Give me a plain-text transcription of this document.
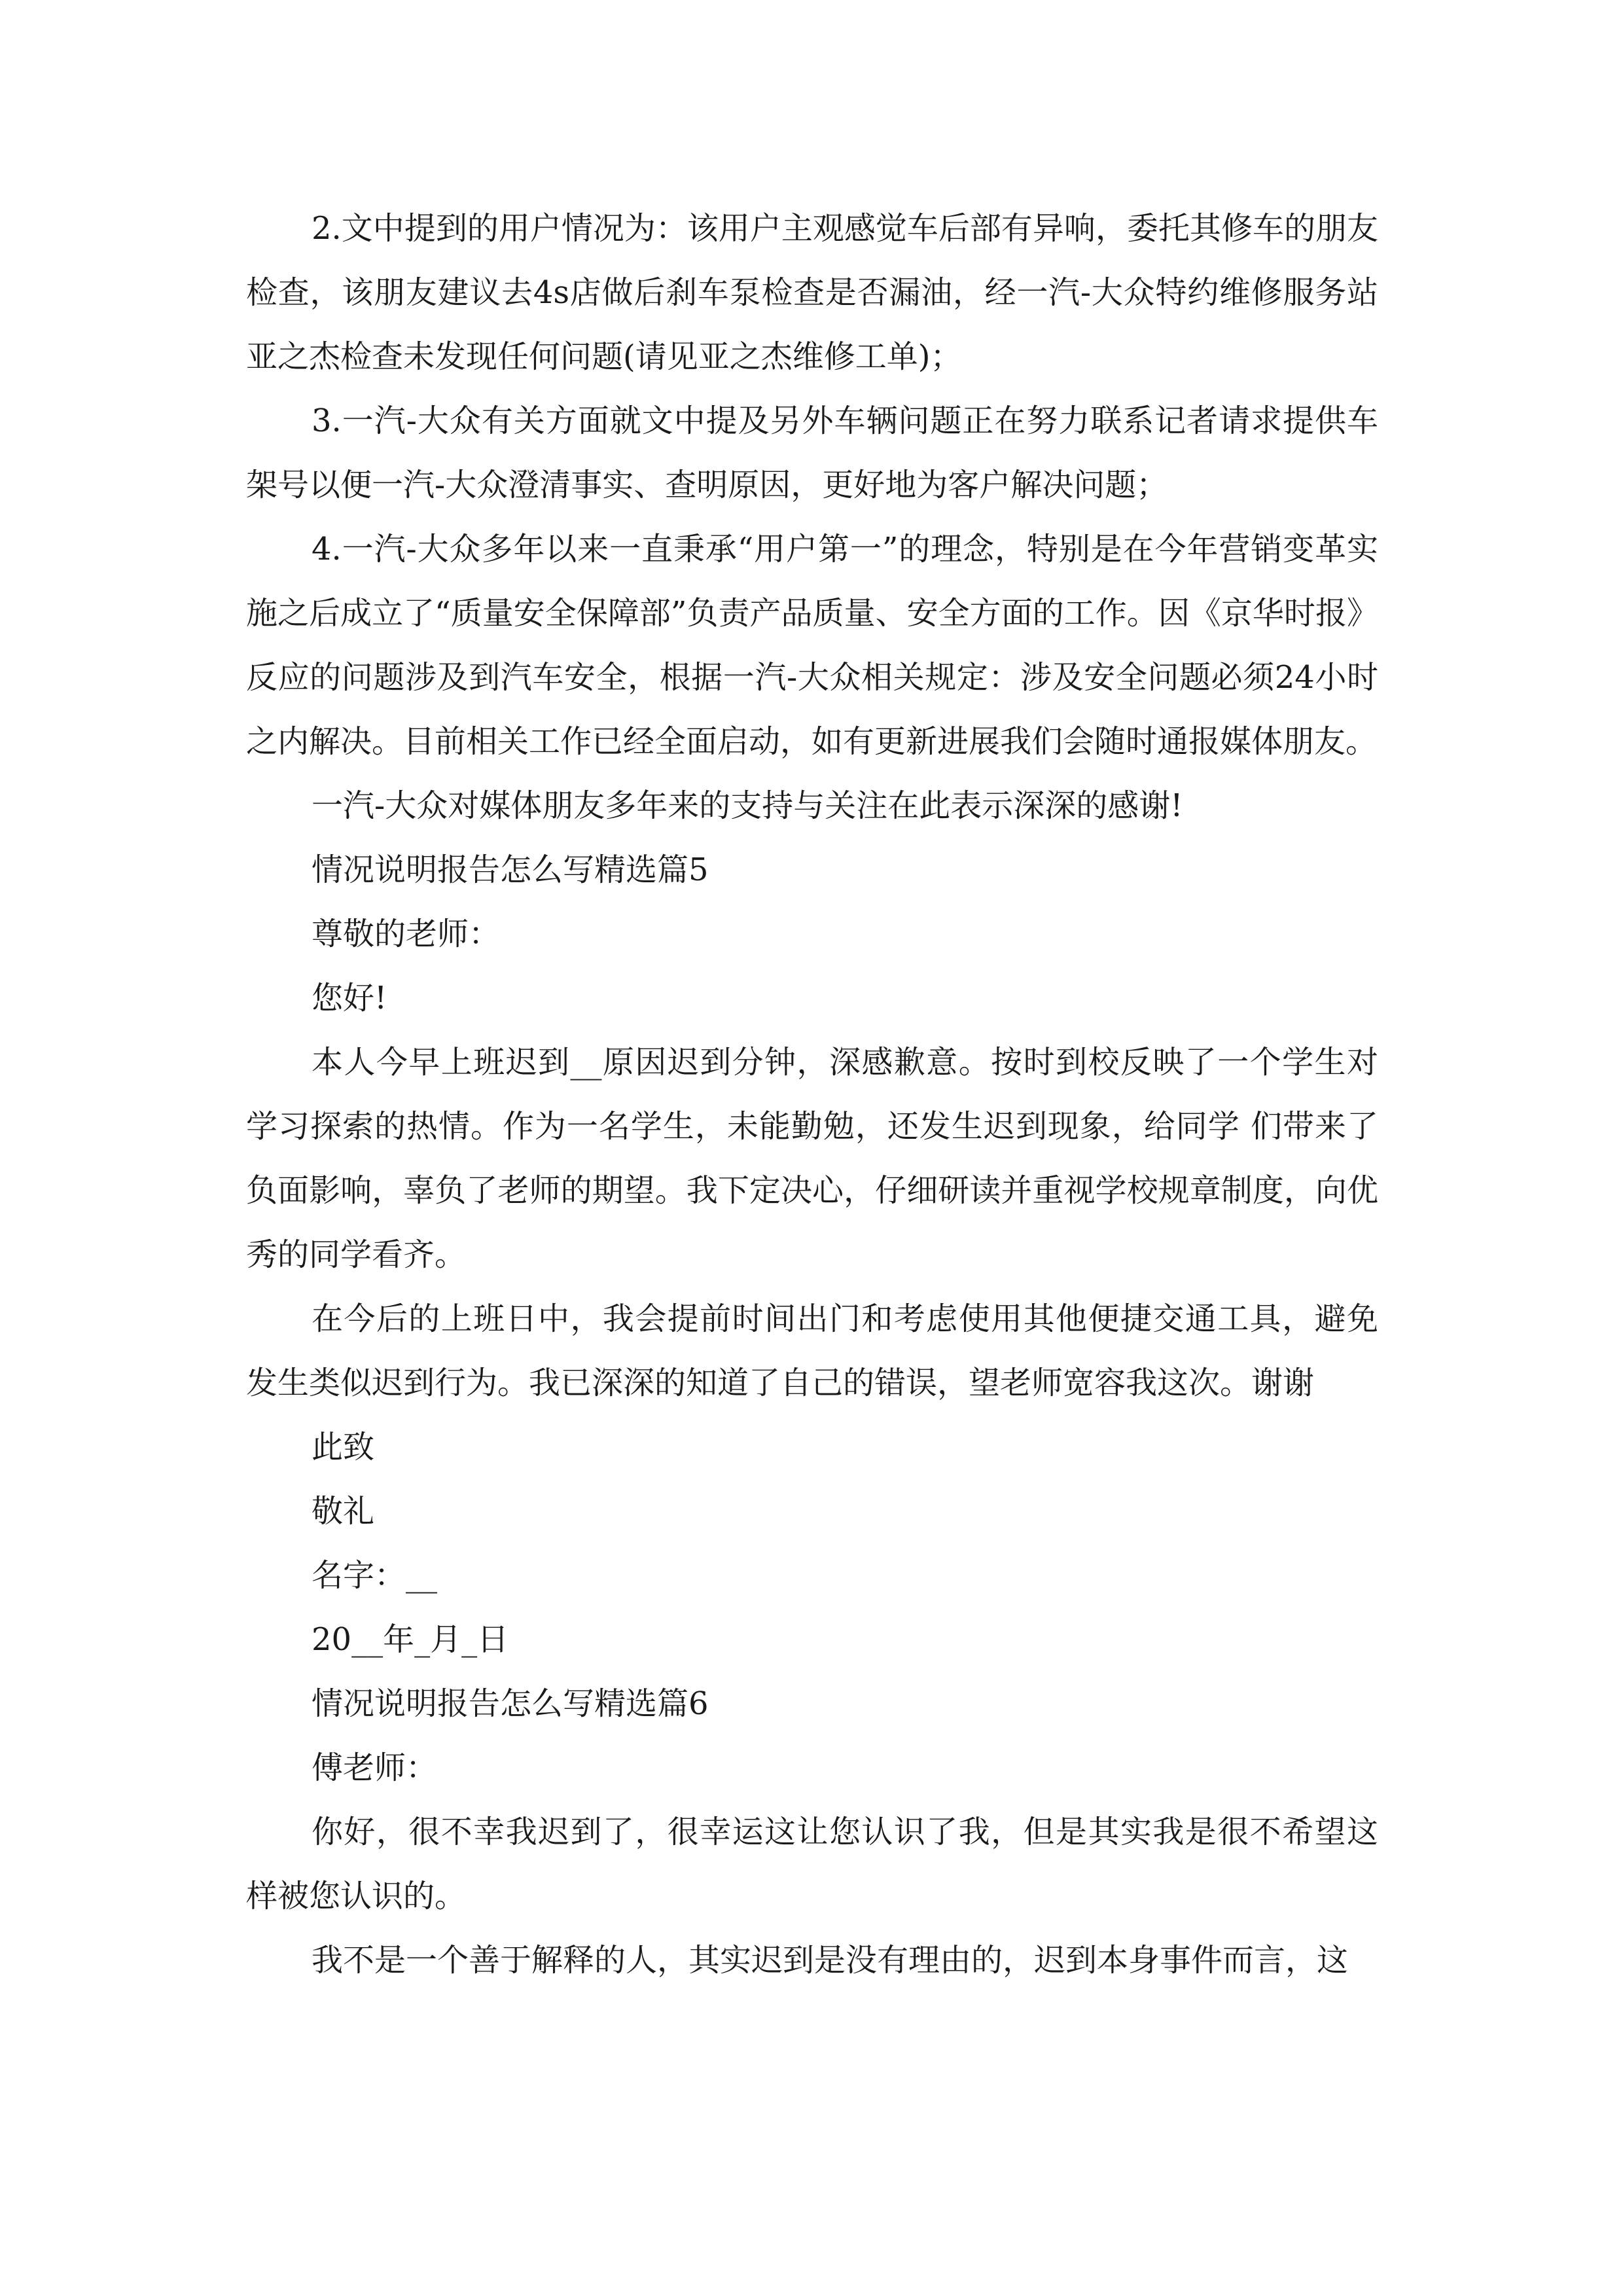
2.文中提到的用户情况为：该用户主观感觉车后部有异响，委托其修车的朋友检查，该朋友建议去4s店做后刹车泵检查是否漏油，经一汽-大众特约维修服务站亚之杰检查未发现任何问题(请见亚之杰维修工单)；

3.一汽-大众有关方面就文中提及另外车辆问题正在努力联系记者请求提供车架号以便一汽-大众澄清事实、查明原因，更好地为客户解决问题；

4.一汽-大众多年以来一直秉承“用户第一”的理念，特别是在今年营销变革实施之后成立了“质量安全保障部”负责产品质量、安全方面的工作。因《京华时报》反应的问题涉及到汽车安全，根据一汽-大众相关规定：涉及安全问题必须24小时之内解决。目前相关工作已经全面启动，如有更新进展我们会随时通报媒体朋友。

一汽-大众对媒体朋友多年来的支持与关注在此表示深深的感谢!

情况说明报告怎么写精选篇5

尊敬的老师：

您好!

本人今早上班迟到__原因迟到分钟，深感歉意。按时到校反映了一个学生对学习探索的热情。作为一名学生，未能勤勉，还发生迟到现象，给同学 们带来了负面影响，辜负了老师的期望。我下定决心，仔细研读并重视学校规章制度，向优秀的同学看齐。

在今后的上班日中，我会提前时间出门和考虑使用其他便捷交通工具，避免发生类似迟到行为。我已深深的知道了自己的错误，望老师宽容我这次。谢谢

此致

敬礼

名字：__

20__年_月_日

情况说明报告怎么写精选篇6

傅老师：

你好，很不幸我迟到了，很幸运这让您认识了我，但是其实我是很不希望这样被您认识的。

我不是一个善于解释的人，其实迟到是没有理由的，迟到本身事件而言，这
